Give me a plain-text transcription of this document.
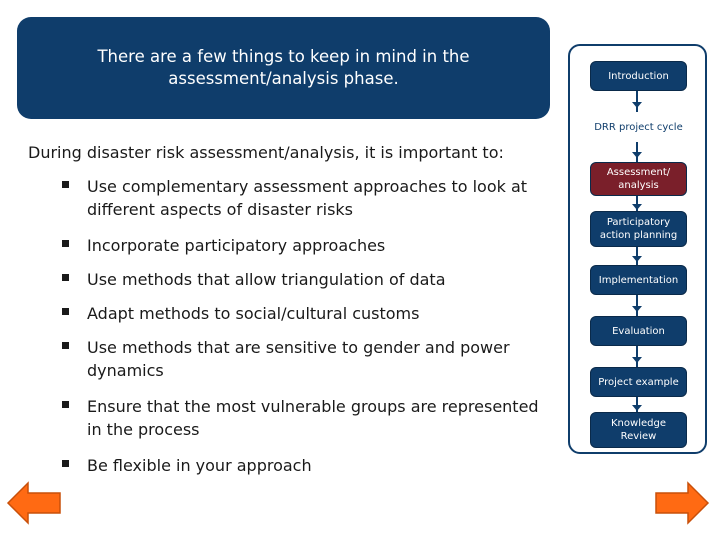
There are a few things to keep in mind in the assessment/analysis phase.
During disaster risk assessment/analysis, it is important to:
Use complementary assessment approaches to look at different aspects of disaster risks
Incorporate participatory approaches
Use methods that allow triangulation of data
Adapt methods to social/cultural customs
Use methods that are sensitive to gender and power dynamics
Ensure that the most vulnerable groups are represented in the process
Be flexible in your approach
Introduction
DRR project cycle
Assessment/ analysis
Participatory action planning
Implementation
Evaluation
Project example
Knowledge Review
